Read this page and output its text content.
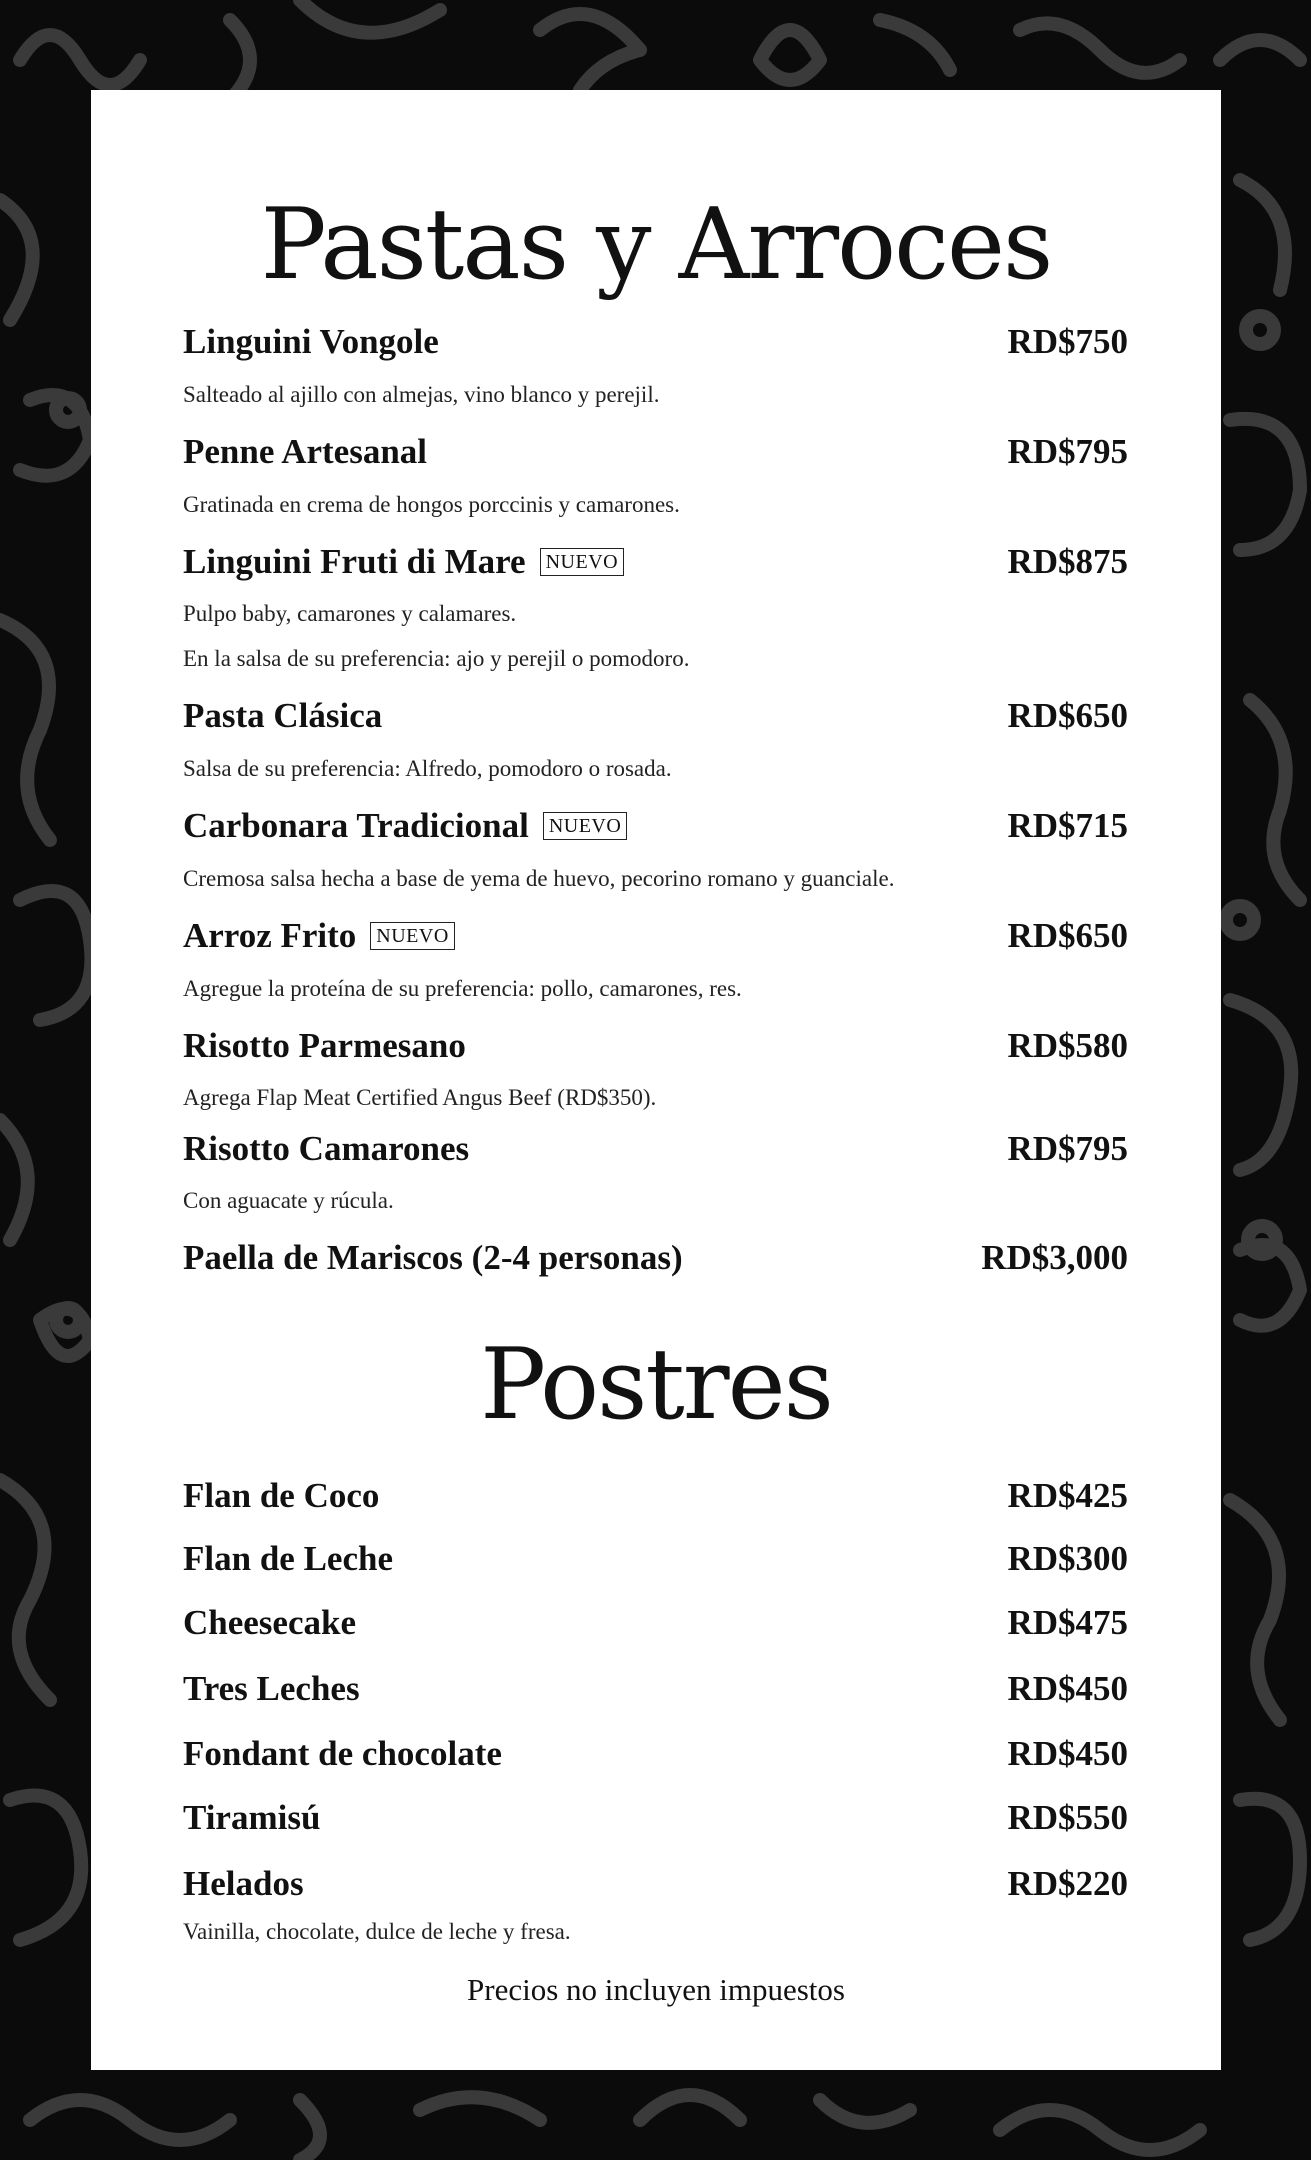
Pastas y Arroces
Linguini Vongole	RD$750
Salteado al ajillo con almejas, vino blanco y perejil.
Penne Artesanal	RD$795
Gratinada en crema de hongos porccinis y camarones.
Linguini Fruti di Mare NUEVO	RD$875
Pulpo baby, camarones y calamares.
En la salsa de su preferencia: ajo y perejil o pomodoro.
Pasta Clásica	RD$650
Salsa de su preferencia: Alfredo, pomodoro o rosada.
Carbonara Tradicional NUEVO	RD$715
Cremosa salsa hecha a base de yema de huevo, pecorino romano y guanciale.
Arroz Frito NUEVO	RD$650
Agregue la proteína de su preferencia: pollo, camarones, res.
Risotto Parmesano	RD$580
Agrega Flap Meat Certified Angus Beef (RD$350).
Risotto Camarones	RD$795
Con aguacate y rúcula.
Paella de Mariscos (2-4 personas)	RD$3,000
Postres
Flan de Coco	RD$425
Flan de Leche	RD$300
Cheesecake	RD$475
Tres Leches	RD$450
Fondant de chocolate	RD$450
Tiramisú	RD$550
Helados	RD$220
Vainilla, chocolate, dulce de leche y fresa.
Precios no incluyen impuestos
